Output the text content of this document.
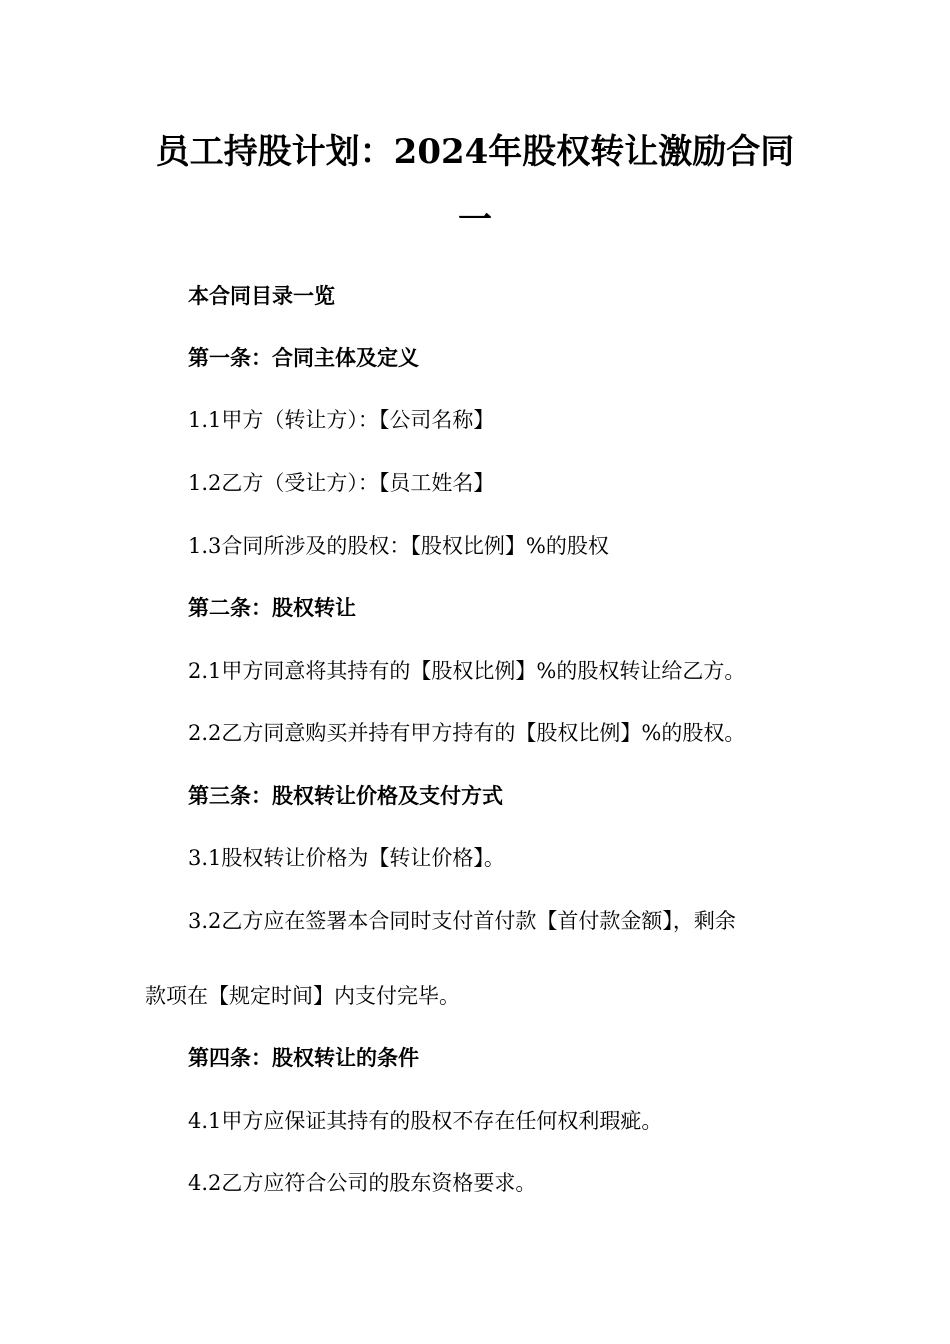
员工持股计划：2024年股权转让激励合同
一

本合同目录一览

第一条：合同主体及定义

1.1甲方（转让方）：【公司名称】

1.2乙方（受让方）：【员工姓名】

1.3合同所涉及的股权：【股权比例】%的股权

第二条：股权转让

2.1甲方同意将其持有的【股权比例】%的股权转让给乙方。

2.2乙方同意购买并持有甲方持有的【股权比例】%的股权。

第三条：股权转让价格及支付方式

3.1股权转让价格为【转让价格】。

3.2乙方应在签署本合同时支付首付款【首付款金额】，剩余

款项在【规定时间】内支付完毕。

第四条：股权转让的条件

4.1甲方应保证其持有的股权不存在任何权利瑕疵。

4.2乙方应符合公司的股东资格要求。
